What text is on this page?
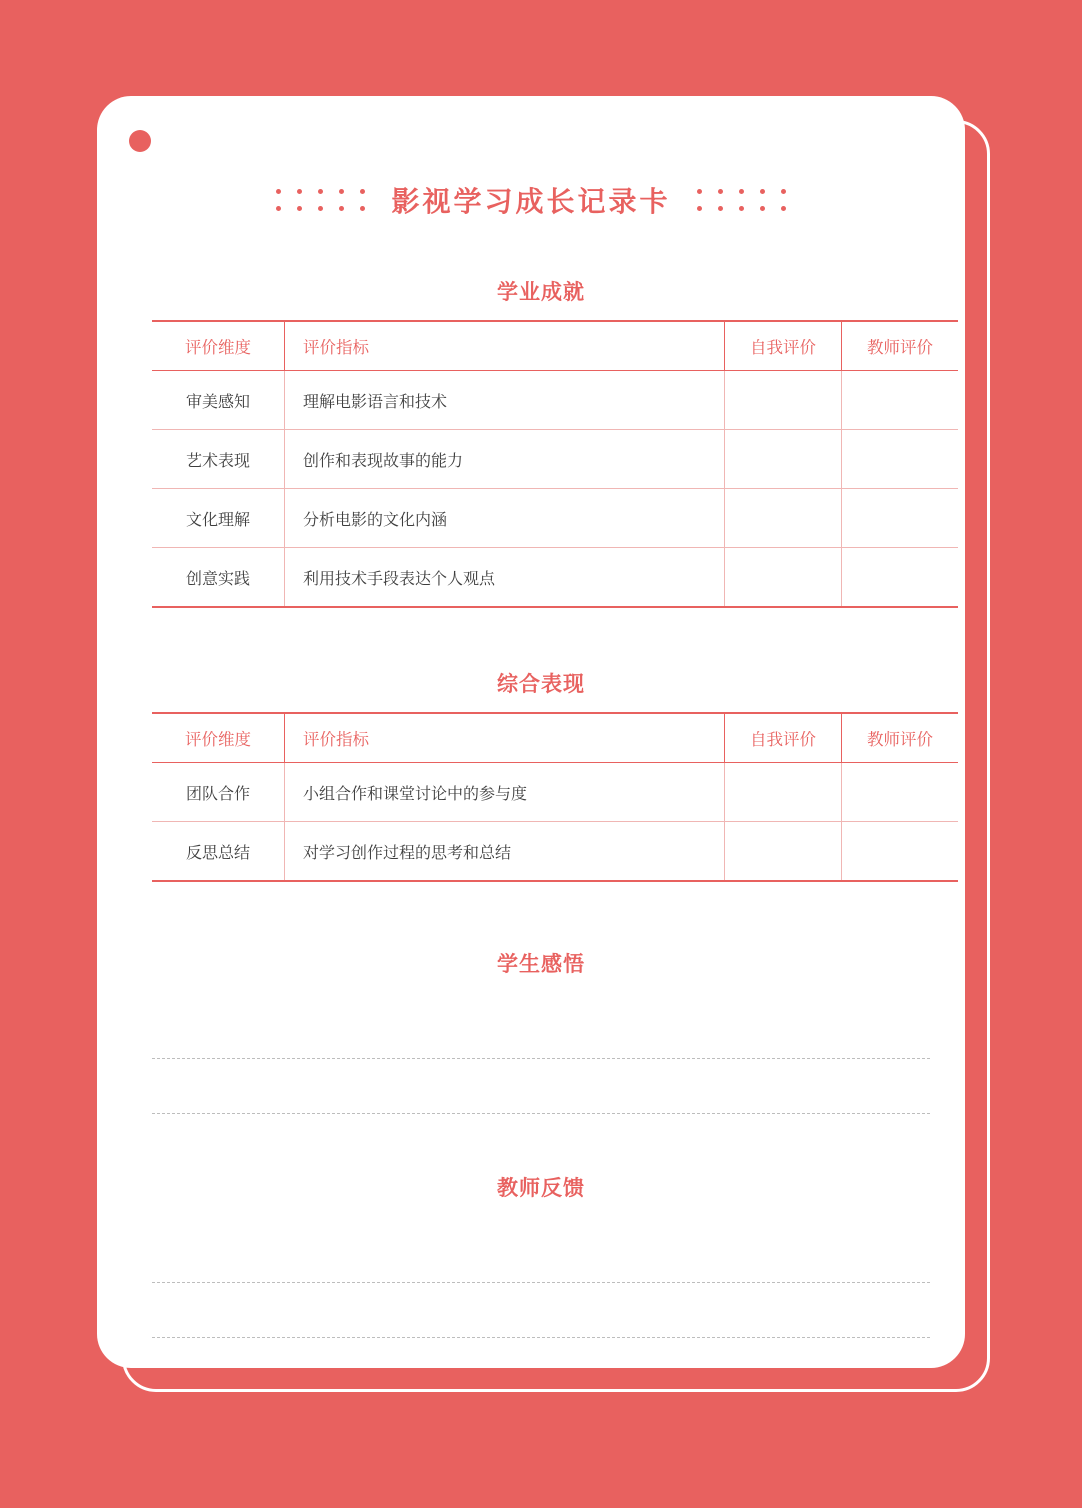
影视学习成长记录卡
学业成就
评价维度	评价指标	自我评价	教师评价
审美感知	理解电影语言和技术		
艺术表现	创作和表现故事的能力		
文化理解	分析电影的文化内涵		
创意实践	利用技术手段表达个人观点		
综合表现
评价维度	评价指标	自我评价	教师评价
团队合作	小组合作和课堂讨论中的参与度		
反思总结	对学习创作过程的思考和总结		
学生感悟
教师反馈
